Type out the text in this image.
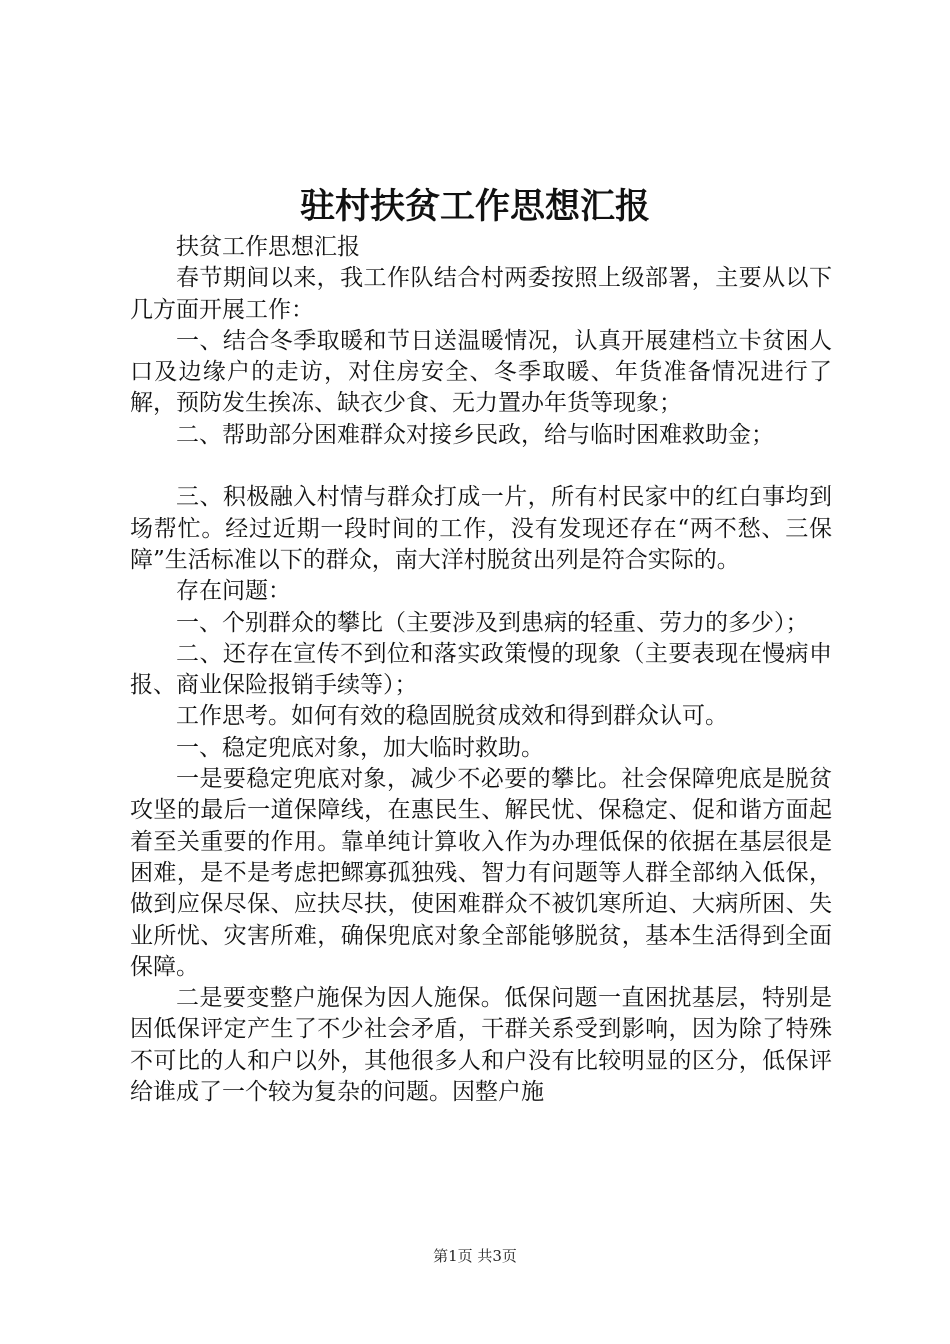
驻村扶贫工作思想汇报

扶贫工作思想汇报

春节期间以来，我工作队结合村两委按照上级部署，主要从以下几方面开展工作：

一、结合冬季取暖和节日送温暖情况，认真开展建档立卡贫困人口及边缘户的走访，对住房安全、冬季取暖、年货准备情况进行了解，预防发生挨冻、缺衣少食、无力置办年货等现象；

二、帮助部分困难群众对接乡民政，给与临时困难救助金；

三、积极融入村情与群众打成一片，所有村民家中的红白事均到场帮忙。经过近期一段时间的工作，没有发现还存在“两不愁、三保障”生活标准以下的群众，南大洋村脱贫出列是符合实际的。

存在问题：

一、个别群众的攀比（主要涉及到患病的轻重、劳力的多少）；

二、还存在宣传不到位和落实政策慢的现象（主要表现在慢病申报、商业保险报销手续等）；

工作思考。如何有效的稳固脱贫成效和得到群众认可。

一、稳定兜底对象，加大临时救助。

一是要稳定兜底对象，减少不必要的攀比。社会保障兜底是脱贫攻坚的最后一道保障线，在惠民生、解民忧、保稳定、促和谐方面起着至关重要的作用。靠单纯计算收入作为办理低保的依据在基层很是困难，是不是考虑把鳏寡孤独残、智力有问题等人群全部纳入低保，做到应保尽保、应扶尽扶，使困难群众不被饥寒所迫、大病所困、失业所忧、灾害所难，确保兜底对象全部能够脱贫，基本生活得到全面保障。

二是要变整户施保为因人施保。低保问题一直困扰基层，特别是因低保评定产生了不少社会矛盾，干群关系受到影响，因为除了特殊不可比的人和户以外，其他很多人和户没有比较明显的区分，低保评给谁成了一个较为复杂的问题。因整户施

第1页 共3页
